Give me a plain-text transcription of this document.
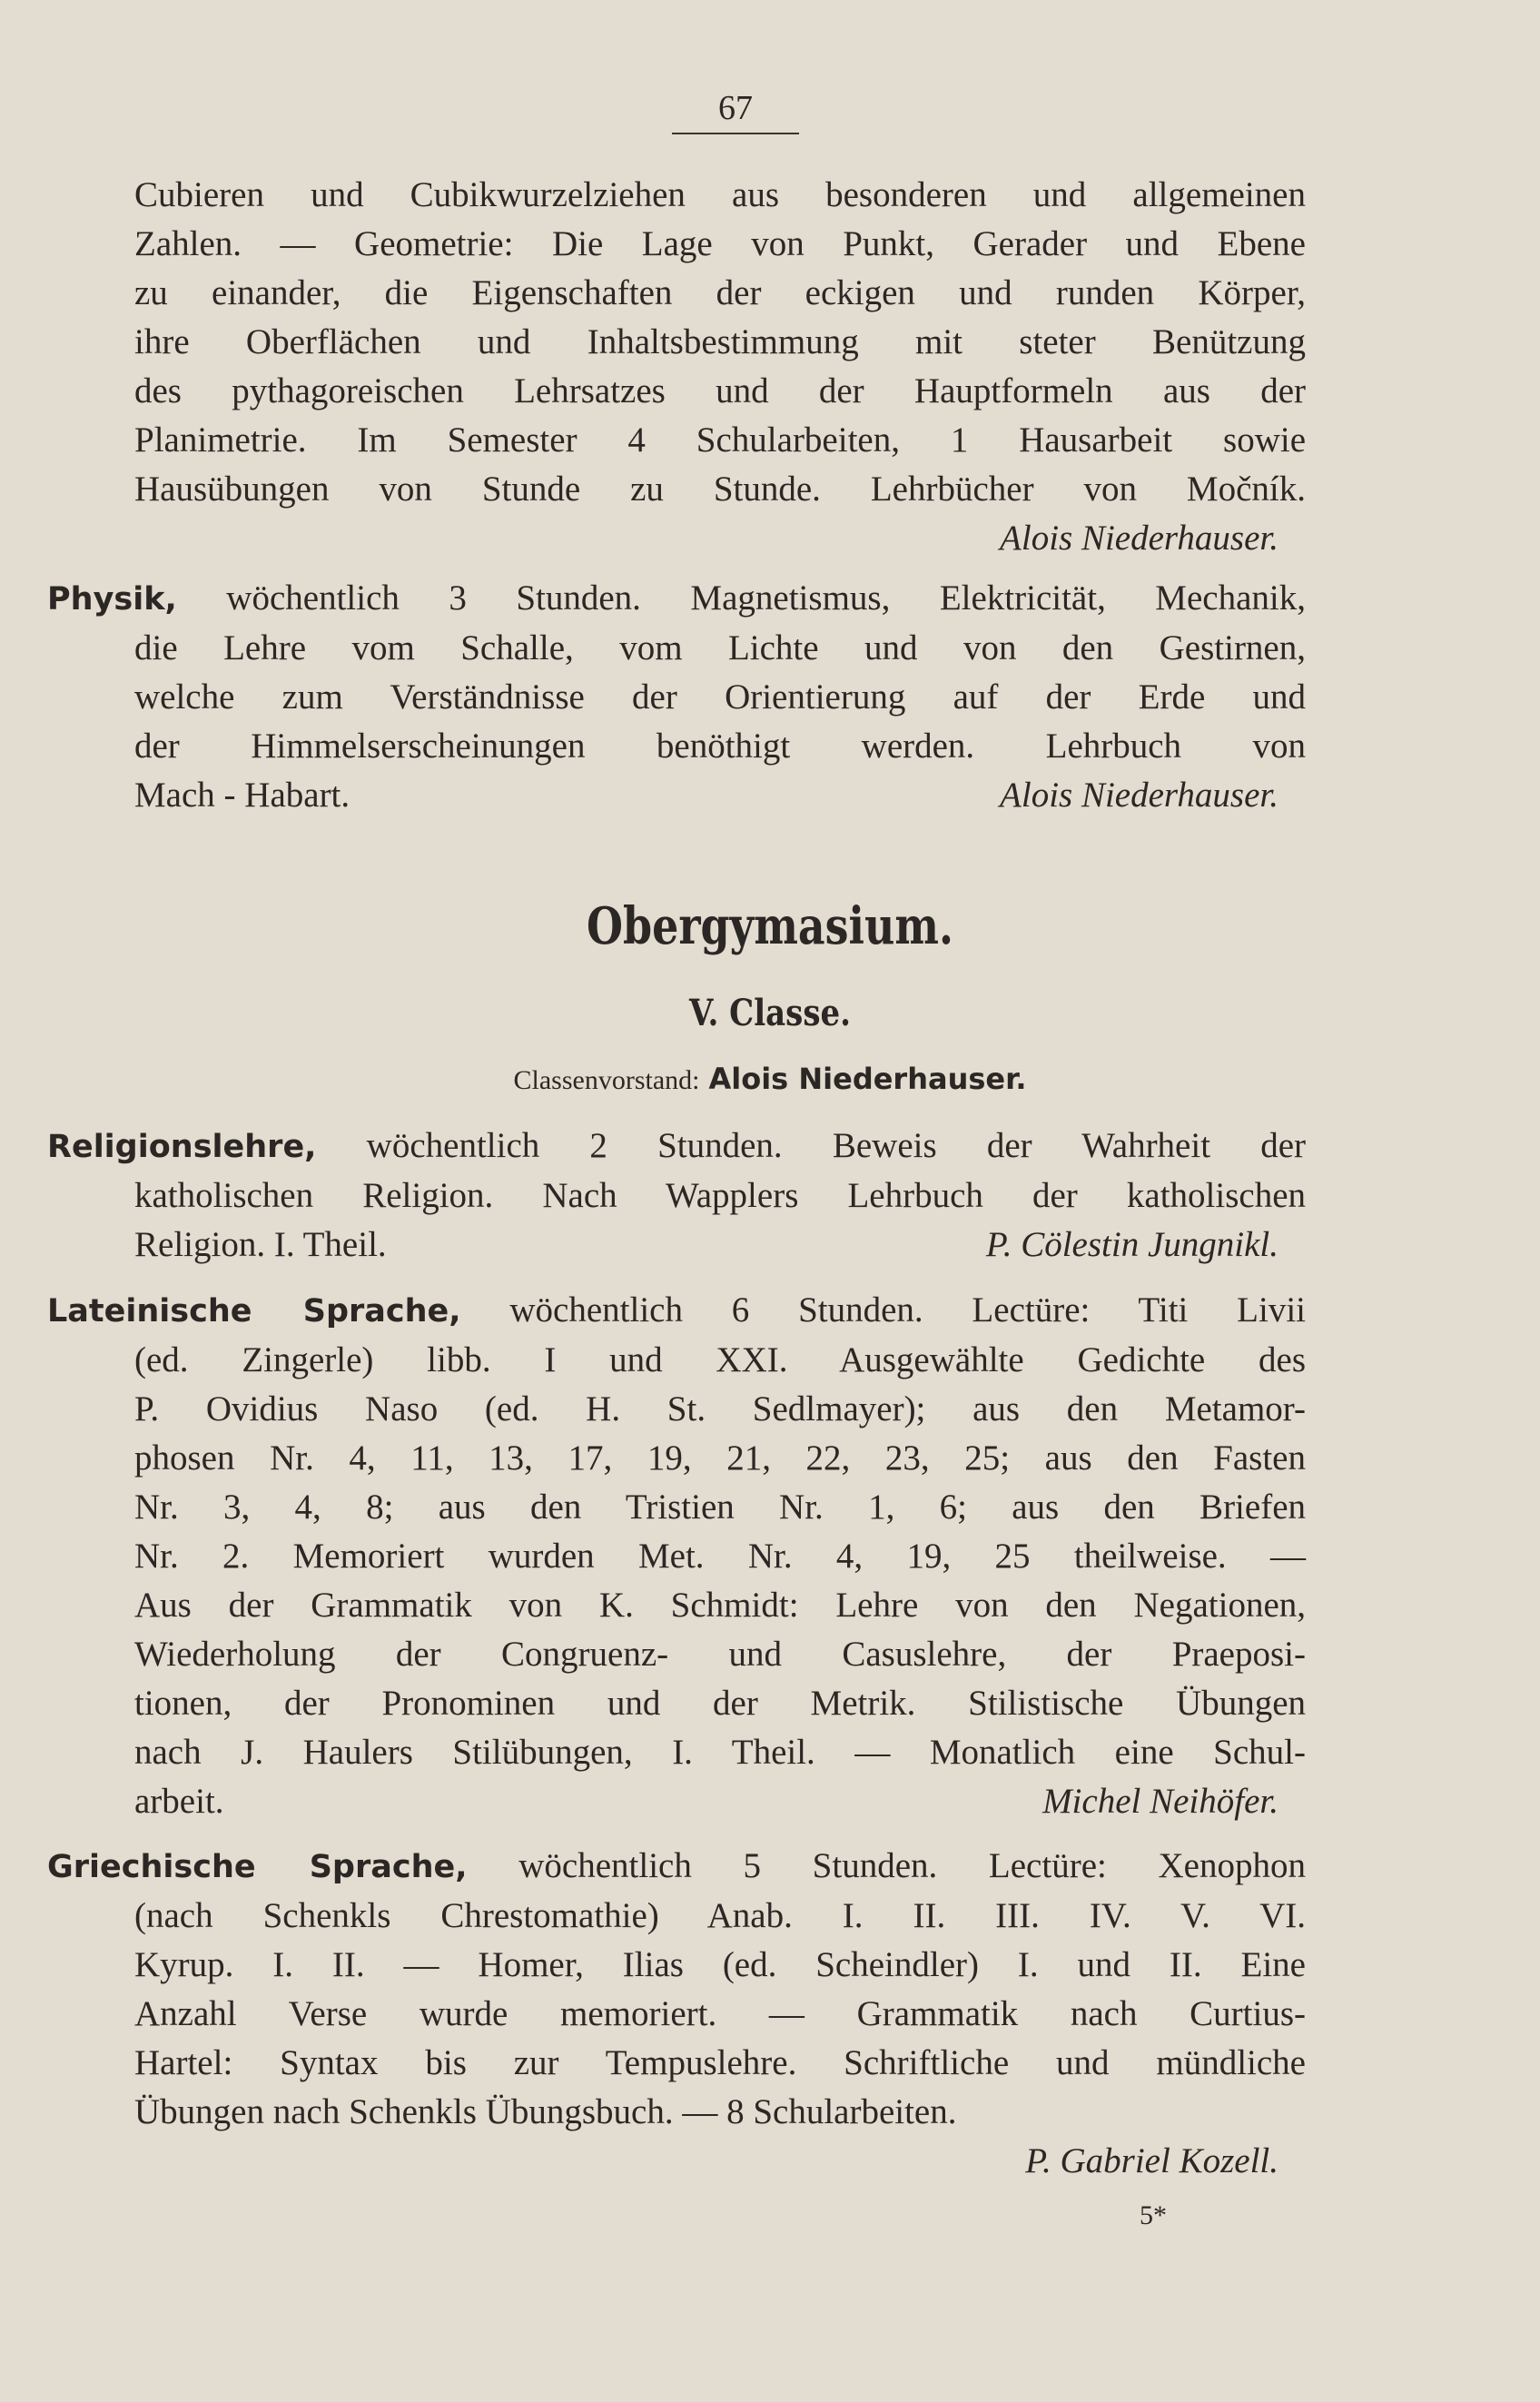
67

Cubieren und Cubikwurzelziehen aus besonderen und allgemeinen
Zahlen. — Geometrie: Die Lage von Punkt, Gerader und Ebene
zu einander, die Eigenschaften der eckigen und runden Körper,
ihre Oberflächen und Inhaltsbestimmung mit steter Benützung
des pythagoreischen Lehrsatzes und der Hauptformeln aus der
Planimetrie. Im Semester 4 Schularbeiten, 1 Hausarbeit sowie
Hausübungen von Stunde zu Stunde. Lehrbücher von Močník.

Alois Niederhauser.

Physik, wöchentlich 3 Stunden. Magnetismus, Elektricität, Mechanik,
die Lehre vom Schalle, vom Lichte und von den Gestirnen,
welche zum Verständnisse der Orientierung auf der Erde und
der Himmelserscheinungen benöthigt werden. Lehrbuch von
Mach - Habart.	Alois Niederhauser.

Obergymasium.
V. Classe.
Classenvorstand: Alois Niederhauser.

Religionslehre, wöchentlich 2 Stunden. Beweis der Wahrheit der
katholischen Religion. Nach Wapplers Lehrbuch der katholischen
Religion. I. Theil.	P. Cölestin Jungnikl.

Lateinische Sprache, wöchentlich 6 Stunden. Lectüre: Titi Livii
(ed. Zingerle) libb. I und XXI. Ausgewählte Gedichte des
P. Ovidius Naso (ed. H. St. Sedlmayer); aus den Metamor-
phosen Nr. 4, 11, 13, 17, 19, 21, 22, 23, 25; aus den Fasten
Nr. 3, 4, 8; aus den Tristien Nr. 1, 6; aus den Briefen
Nr. 2. Memoriert wurden Met. Nr. 4, 19, 25 theilweise. —
Aus der Grammatik von K. Schmidt: Lehre von den Negationen,
Wiederholung der Congruenz- und Casuslehre, der Praeposi-
tionen, der Pronominen und der Metrik. Stilistische Übungen
nach J. Haulers Stilübungen, I. Theil. — Monatlich eine Schul-
arbeit.	Michel Neihöfer.

Griechische Sprache, wöchentlich 5 Stunden. Lectüre: Xenophon
(nach Schenkls Chrestomathie) Anab. I. II. III. IV. V. VI.
Kyrup. I. II. — Homer, Ilias (ed. Scheindler) I. und II. Eine
Anzahl Verse wurde memoriert. — Grammatik nach Curtius-
Hartel: Syntax bis zur Tempuslehre. Schriftliche und mündliche
Übungen nach Schenkls Übungsbuch. — 8 Schularbeiten.

P. Gabriel Kozell.
5*
